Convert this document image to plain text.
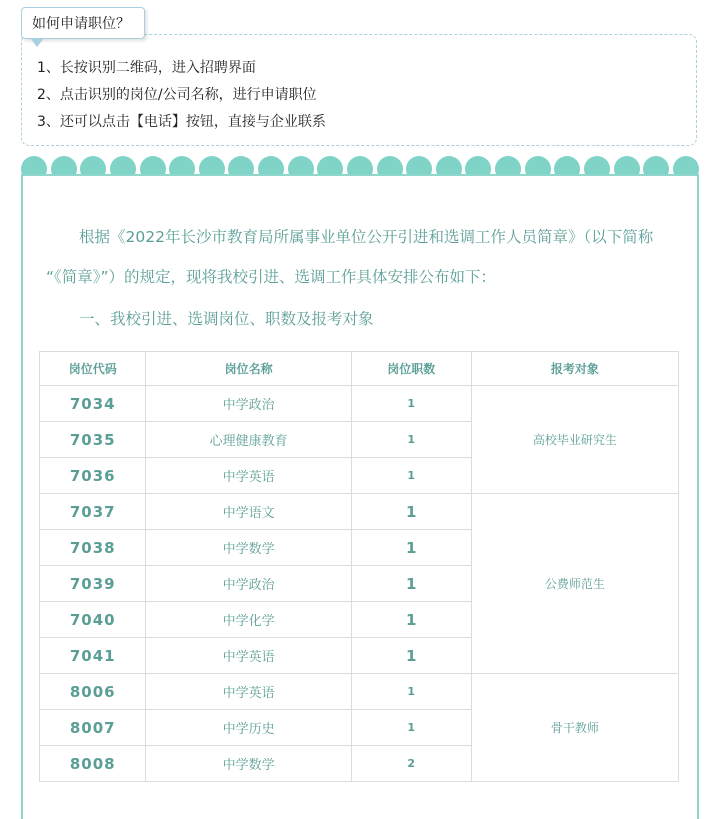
如何申请职位？
1、长按识别二维码，进入招聘界面
2、点击识别的岗位/公司名称，进行申请职位
3、还可以点击【电话】按钮，直接与企业联系
根据《2022年长沙市教育局所属事业单位公开引进和选调工作人员简章》（以下简称
“《简章》”）的规定，现将我校引进、选调工作具体安排公布如下：
一、我校引进、选调岗位、职数及报考对象
岗位代码	岗位名称	岗位职数	报考对象
7034	中学政治	1	高校毕业研究生
7035	心理健康教育	1	
7036	中学英语	1	
7037	中学语文	1	公费师范生
7038	中学数学	1	
7039	中学政治	1	
7040	中学化学	1	
7041	中学英语	1	
8006	中学英语	1	骨干教师
8007	中学历史	1	
8008	中学数学	2	
